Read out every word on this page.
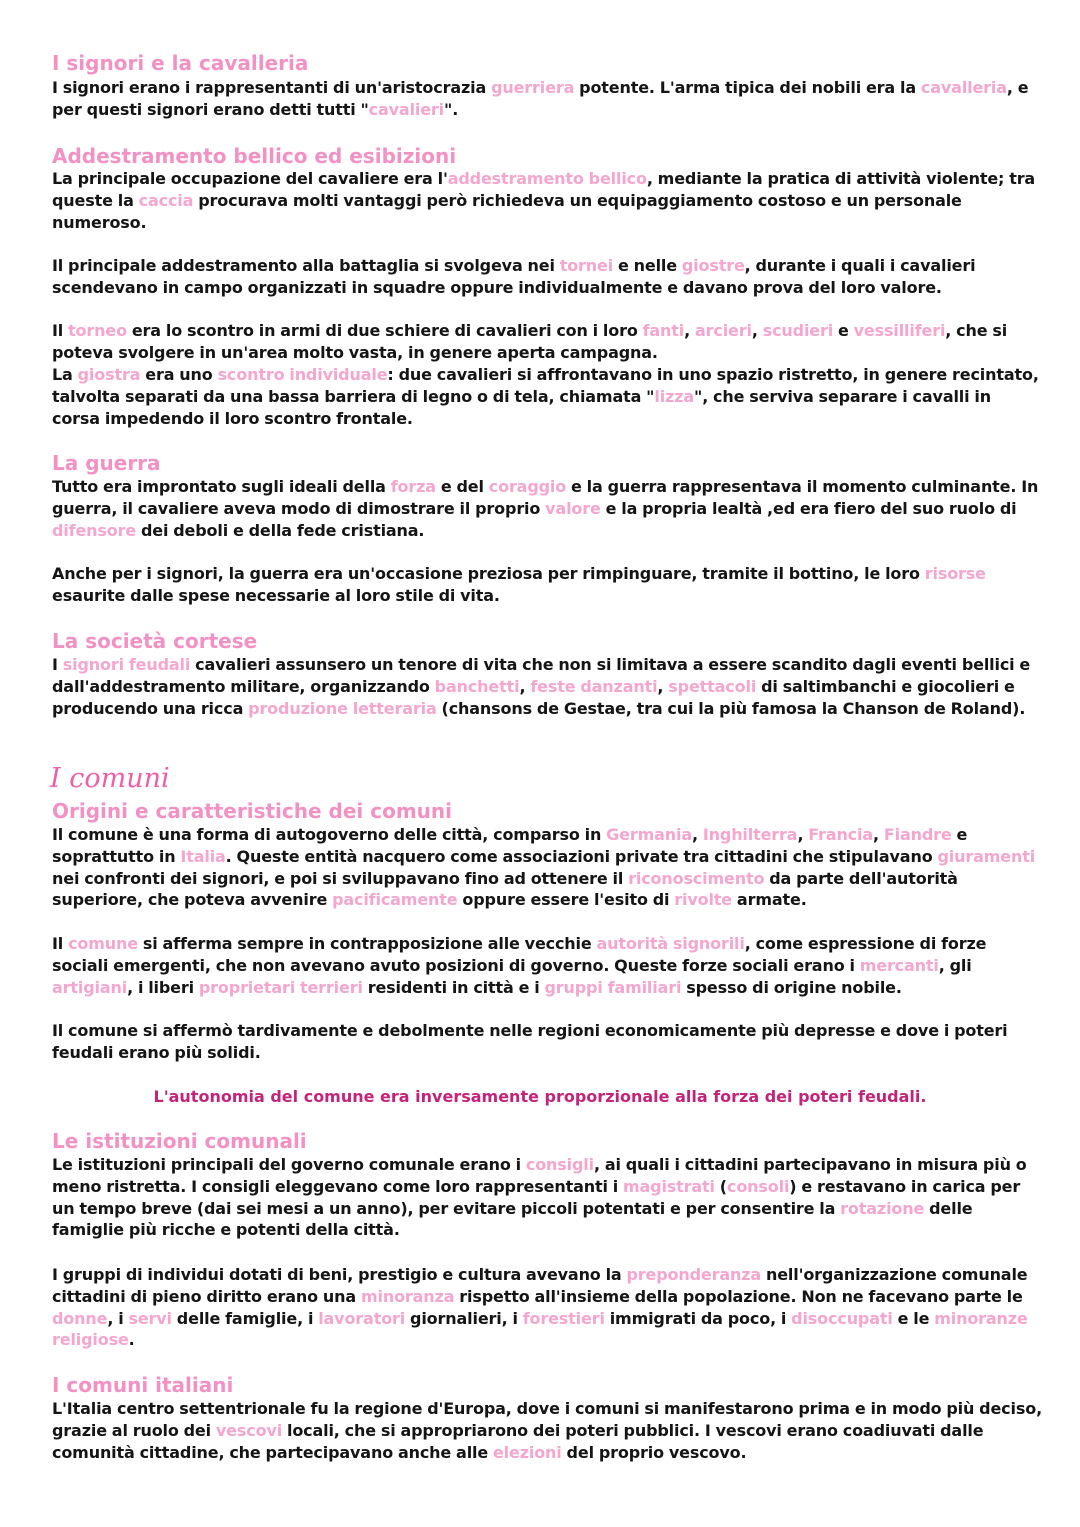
I signori e la cavalleria
I signori erano i rappresentanti di un'aristocrazia guerriera potente. L'arma tipica dei nobili era la cavalleria, e per questi signori erano detti tutti "cavalieri".
Addestramento bellico ed esibizioni
La principale occupazione del cavaliere era l'addestramento bellico, mediante la pratica di attività violente; tra queste la caccia procurava molti vantaggi però richiedeva un equipaggiamento costoso e un personale numeroso.
Il principale addestramento alla battaglia si svolgeva nei tornei e nelle giostre, durante i quali i cavalieri scendevano in campo organizzati in squadre oppure individualmente e davano prova del loro valore.
Il torneo era lo scontro in armi di due schiere di cavalieri con i loro fanti, arcieri, scudieri e vessilliferi, che si poteva svolgere in un'area molto vasta, in genere aperta campagna.
La giostra era uno scontro individuale: due cavalieri si affrontavano in uno spazio ristretto, in genere recintato, talvolta separati da una bassa barriera di legno o di tela, chiamata "lizza", che serviva separare i cavalli in corsa impedendo il loro scontro frontale.
La guerra
Tutto era improntato sugli ideali della forza e del coraggio e la guerra rappresentava il momento culminante. In guerra, il cavaliere aveva modo di dimostrare il proprio valore e la propria lealtà ,ed era fiero del suo ruolo di difensore dei deboli e della fede cristiana.
Anche per i signori, la guerra era un'occasione preziosa per rimpinguare, tramite il bottino, le loro risorse esaurite dalle spese necessarie al loro stile di vita.
La società cortese
I signori feudali cavalieri assunsero un tenore di vita che non si limitava a essere scandito dagli eventi bellici e dall'addestramento militare, organizzando banchetti, feste danzanti, spettacoli di saltimbanchi e giocolieri e producendo una ricca produzione letteraria (chansons de Gestae, tra cui la più famosa la Chanson de Roland).
I comuni
Origini e caratteristiche dei comuni
Il comune è una forma di autogoverno delle città, comparso in Germania, Inghilterra, Francia, Fiandre e soprattutto in Italia. Queste entità nacquero come associazioni private tra cittadini che stipulavano giuramenti nei confronti dei signori, e poi si sviluppavano fino ad ottenere il riconoscimento da parte dell'autorità superiore, che poteva avvenire pacificamente oppure essere l'esito di rivolte armate.
Il comune si afferma sempre in contrapposizione alle vecchie autorità signorili, come espressione di forze sociali emergenti, che non avevano avuto posizioni di governo. Queste forze sociali erano i mercanti, gli artigiani, i liberi proprietari terrieri residenti in città e i gruppi familiari spesso di origine nobile.
Il comune si affermò tardivamente e debolmente nelle regioni economicamente più depresse e dove i poteri feudali erano più solidi.
L'autonomia del comune era inversamente proporzionale alla forza dei poteri feudali.
Le istituzioni comunali
Le istituzioni principali del governo comunale erano i consigli, ai quali i cittadini partecipavano in misura più o meno ristretta. I consigli eleggevano come loro rappresentanti i magistrati (consoli) e restavano in carica per un tempo breve (dai sei mesi a un anno), per evitare piccoli potentati e per consentire la rotazione delle famiglie più ricche e potenti della città.
I gruppi di individui dotati di beni, prestigio e cultura avevano la preponderanza nell'organizzazione comunale cittadini di pieno diritto erano una minoranza rispetto all'insieme della popolazione. Non ne facevano parte le donne, i servi delle famiglie, i lavoratori giornalieri, i forestieri immigrati da poco, i disoccupati e le minoranze religiose.
I comuni italiani
L'Italia centro settentrionale fu la regione d'Europa, dove i comuni si manifestarono prima e in modo più deciso, grazie al ruolo dei vescovi locali, che si appropriarono dei poteri pubblici. I vescovi erano coadiuvati dalle comunità cittadine, che partecipavano anche alle elezioni del proprio vescovo.
